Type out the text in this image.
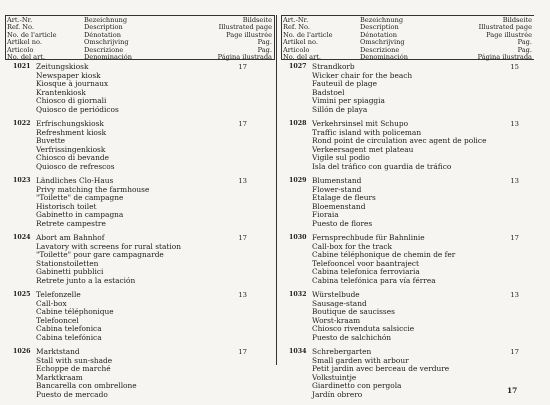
Art.-Nr.
Ref. No.
No. de l'article
Artikel no.
Articolo
No. del art.
Bezeichnung
Description
Dénotation
Omschrijving
Descrizione
Denominación
Bildseite
Illustrated page
Page illustrée
Pag.
Pag.
Página ilustrada
Art.-Nr.
Ref. No.
No. de l'article
Artikel no.
Articolo
No. del art.
Bezeichnung
Description
Dénotation
Omschrijving
Descrizione
Denominación
Bildseite
Illustrated page
Page illustrée
Pag.
Pag.
Página ilustrada
1021 Zeitungskiosk
Newspaper kiosk
Kiosque à journaux
Krantenkiosk
Chiosco di giornali
Quiosco de periódicos
17
1022 Erfrischungskiosk
Refreshment kiosk
Buvette
Verfrissingenkiosk
Chiosco di bevande
Quiosco de refrescos
17
1023 Ländliches Clo-Haus
Privy matching the farmhouse
"Toilette" de campagne
Historisch toilet
Gabinetto in campagna
Retrete campestre
13
1024 Abort am Bahnhof
Lavatory with screens for rural station
"Toilette" pour gare campagnarde
Stationstoiletten
Gabinetti pubblici
Retrete junto a la estación
17
1025 Telefonzelle
Call-box
Cabine téléphonique
Telefooncel
Cabina telefonica
Cabina telefónica
13
1026 Marktstand
Stall with sun-shade
Echoppe de marché
Marktkraam
Bancarella con ombrellone
Puesto de mercado
17
1027 Strandkorb
Wicker chair for the beach
Fauteuil de plage
Badstoel
Vimini per spiaggia
Sillón de playa
15
1028 Verkehrsinsel mit Schupo
Traffic island with policeman
Rond point de circulation avec agent de police
Verkeersagent met plateau
Vigile sul podio
Isla del tráfico con guardia de tráfico
13
1029 Blumenstand
Flower-stand
Etalage de fleurs
Bloemenstand
Fioraia
Puesto de flores
13
1030 Fernsprechbude für Bahnlinie
Call-box for the track
Cabine téléphonique de chemin de fer
Telefooncel voor baantraject
Cabina telefonica ferroviaria
Cabina telefónica para vía férrea
17
1032 Würstelbude
Sausage-stand
Boutique de saucisses
Worst-kraam
Chiosco rivenduta salsiccie
Puesto de salchichón
13
1034 Schrebergarten
Small garden with arbour
Petit jardin avec berceau de verdure
Volkstuintje
Giardinetto con pergola
Jardín obrero
17
17
